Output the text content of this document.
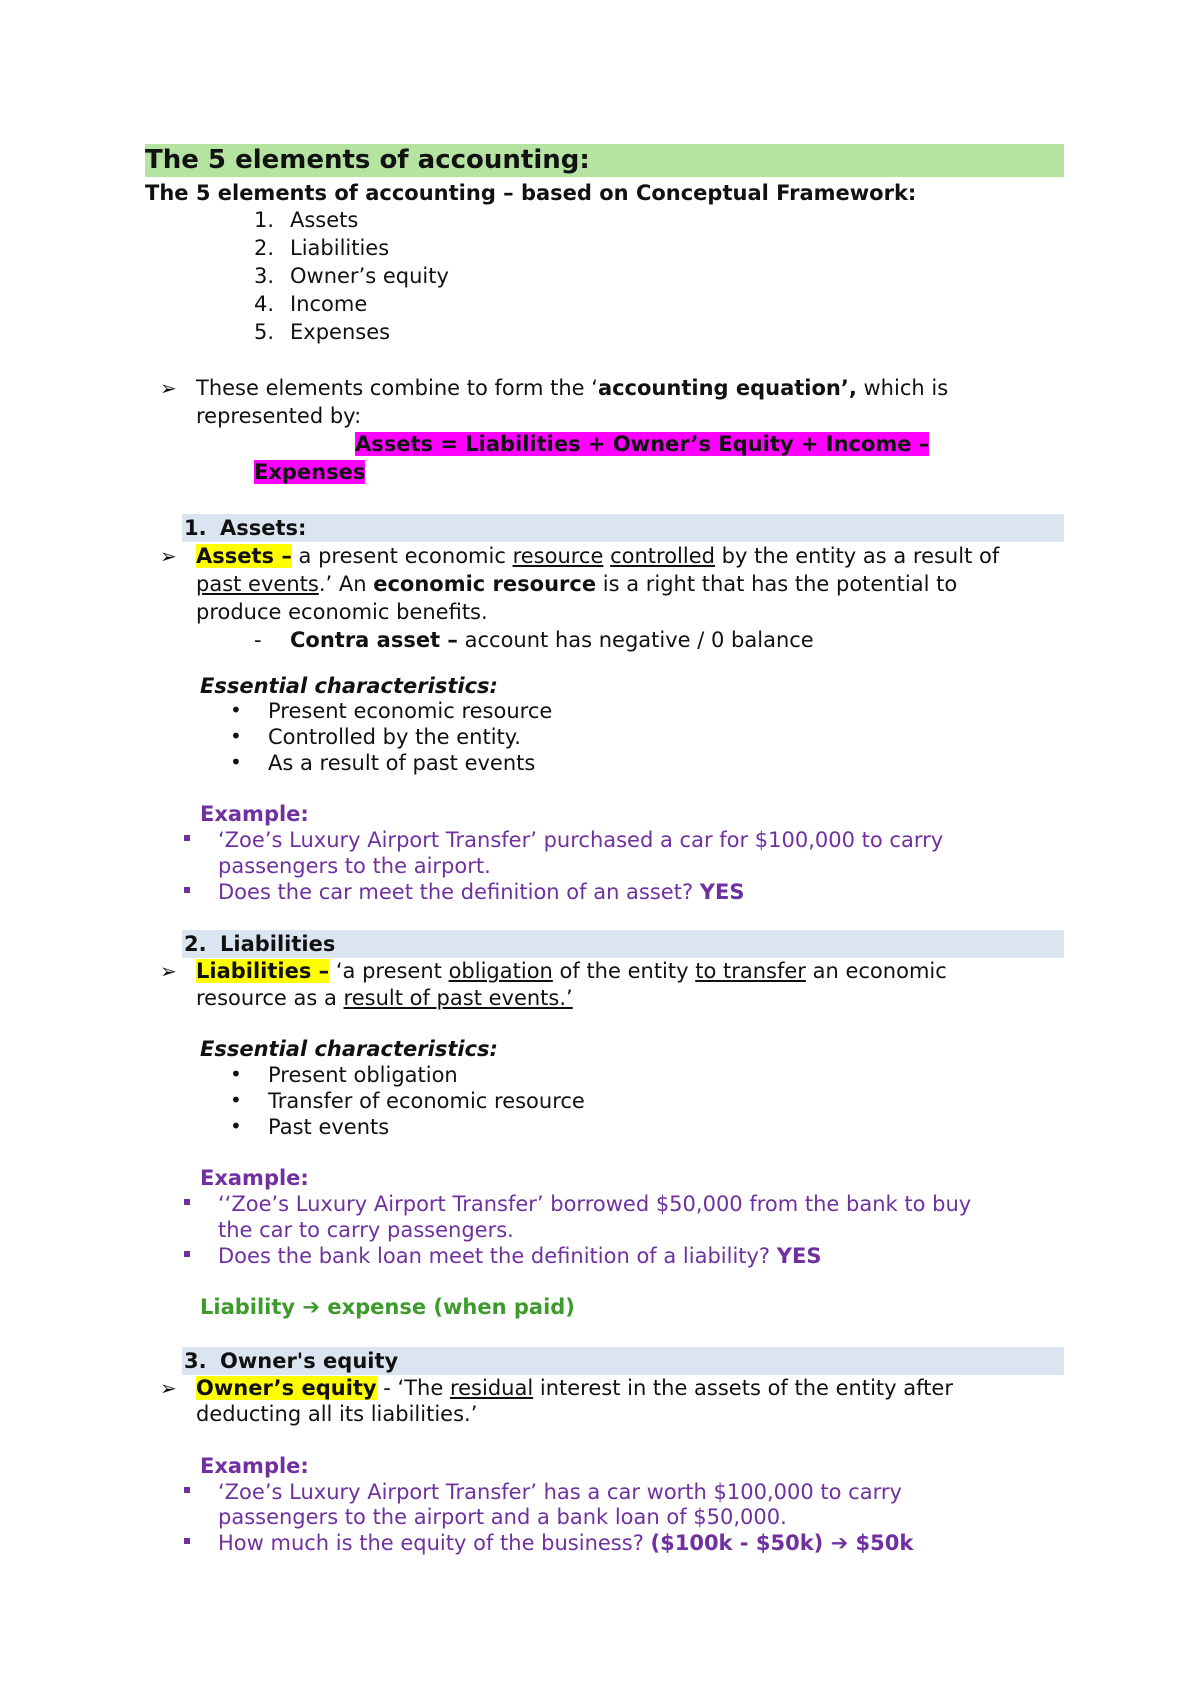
The 5 elements of accounting:
The 5 elements of accounting – based on Conceptual Framework:
1. Assets
2. Liabilities
3. Owner’s equity
4. Income
5. Expenses
➢ These elements combine to form the ‘accounting equation’, which is
represented by:
Assets = Liabilities + Owner’s Equity + Income –
Expenses
1. Assets:
➢ Assets – a present economic resource controlled by the entity as a result of
past events.’ An economic resource is a right that has the potential to
produce economic benefits.
- Contra asset – account has negative / 0 balance
Essential characteristics:
• Present economic resource
• Controlled by the entity.
• As a result of past events
Example:
‘Zoe’s Luxury Airport Transfer’ purchased a car for $100,000 to carry
passengers to the airport.
Does the car meet the definition of an asset? YES
2. Liabilities
➢ Liabilities – ‘a present obligation of the entity to transfer an economic
resource as a result of past events.’
Essential characteristics:
• Present obligation
• Transfer of economic resource
• Past events
Example:
‘‘Zoe’s Luxury Airport Transfer’ borrowed $50,000 from the bank to buy
the car to carry passengers.
Does the bank loan meet the definition of a liability? YES
Liability ➔ expense (when paid)
3. Owner's equity
➢ Owner’s equity - ‘The residual interest in the assets of the entity after
deducting all its liabilities.’
Example:
‘Zoe’s Luxury Airport Transfer’ has a car worth $100,000 to carry
passengers to the airport and a bank loan of $50,000.
How much is the equity of the business? ($100k - $50k) ➔ $50k
